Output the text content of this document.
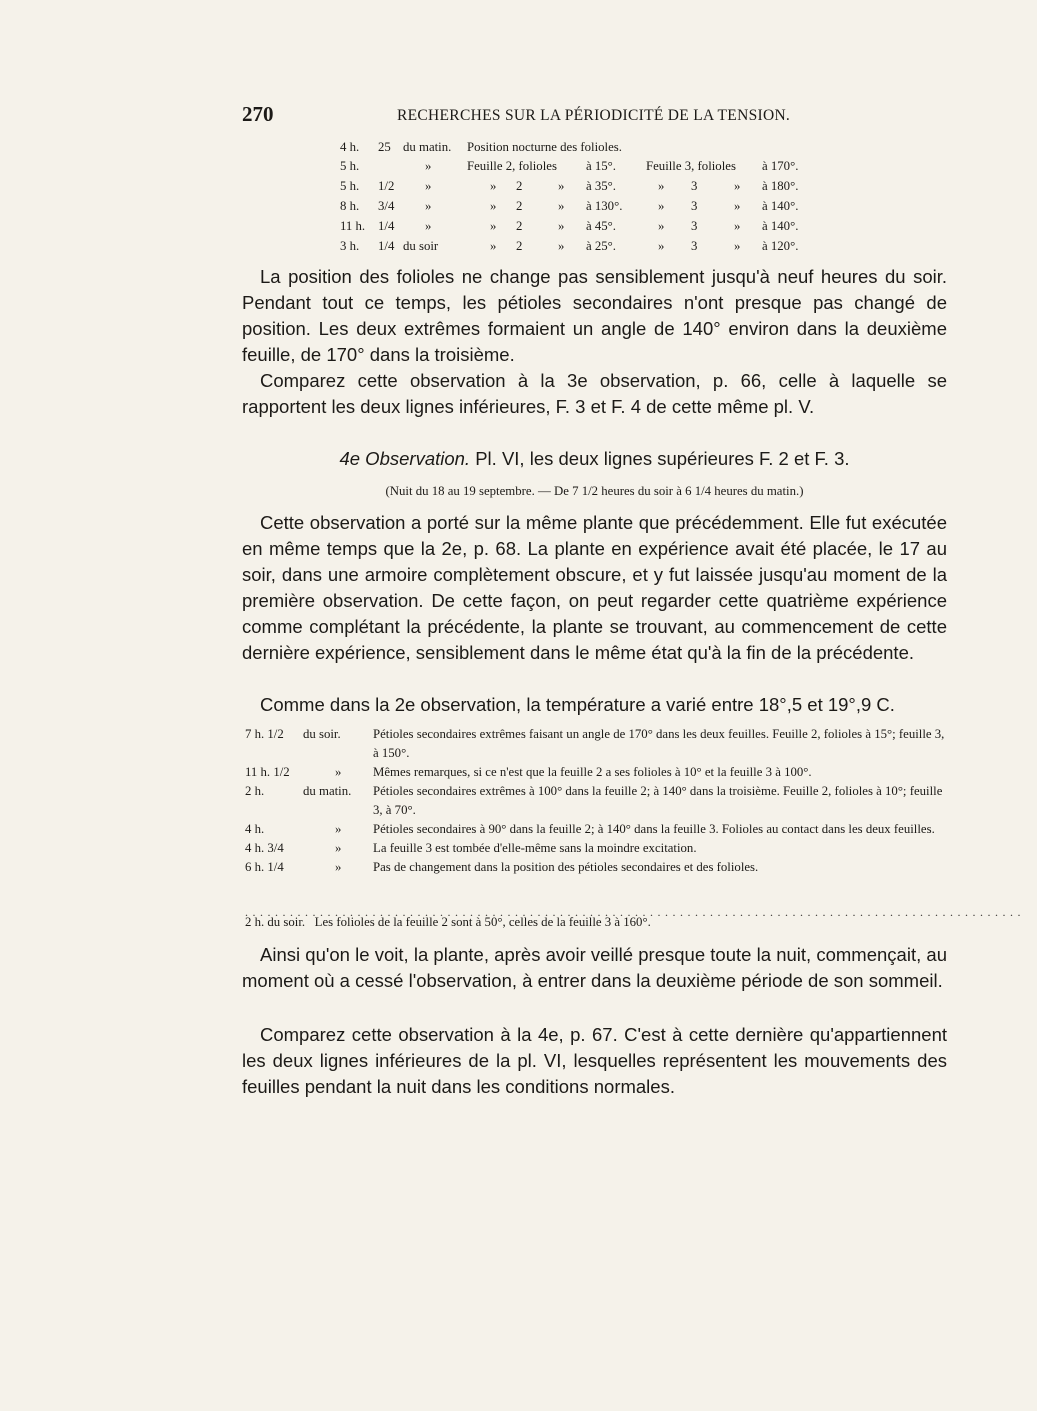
270	RECHERCHES SUR LA PÉRIODICITÉ DE LA TENSION.
4 h. 25 du matin. Position nocturne des folioles.
5 h.	»	Feuille 2, folioles à 15°. Feuille 3, folioles à 170°.
5 h. 1/2 »	» 2	» à 35°.	» 3	» à 180°.
8 h. 3/4 »	» 2	» à 130°.	» 3	» à 140°.
11 h. 1/4 »	» 2	» à 45°.	» 3	» à 140°.
3 h. 1/4 du soir	» 2	» à 25°.	» 3	» à 120°.

La position des folioles ne change pas sensiblement jusqu'à neuf heures du soir. Pendant tout ce temps, les pétioles secondaires n'ont presque pas changé de position. Les deux extrêmes formaient un angle de 140° environ dans la deuxième feuille, de 170° dans la troisième.

Comparez cette observation à la 3e observation, p. 66, celle à laquelle se rapportent les deux lignes inférieures, F. 3 et F. 4 de cette même pl. V.

4e Observation. Pl. VI, les deux lignes supérieures F. 2 et F. 3.
(Nuit du 18 au 19 septembre. — De 7 1/2 heures du soir à 6 1/4 heures du matin.)

Cette observation a porté sur la même plante que précédemment. Elle fut exécutée en même temps que la 2e, p. 68. La plante en expérience avait été placée, le 17 au soir, dans une armoire complètement obscure, et y fut laissée jusqu'au moment de la première observation. De cette façon, on peut regarder cette quatrième expérience comme complétant la précédente, la plante se trouvant, au commencement de cette dernière expérience, sensiblement dans le même état qu'à la fin de la précédente.

Comme dans la 2e observation, la température a varié entre 18°,5 et 19°,9 C.

7 h. 1/2	du soir.	Pétioles secondaires extrêmes faisant un angle de 170° dans les deux feuilles. Feuille 2, folioles à 15°; feuille 3, à 150°.
11 h. 1/2	»	Mêmes remarques, si ce n'est que la feuille 2 a ses folioles à 10° et la feuille 3 à 100°.
2 h.	du matin.	Pétioles secondaires extrêmes à 100° dans la feuille 2; à 140° dans la troisième. Feuille 2, folioles à 10°; feuille 3, à 70°.
4 h.	»	Pétioles secondaires à 90° dans la feuille 2; à 140° dans la feuille 3. Folioles au contact dans les deux feuilles.
4 h. 3/4	»	La feuille 3 est tombée d'elle-même sans la moindre excitation.
6 h. 1/4	»	Pas de changement dans la position des pétioles secondaires et des folioles.
........................................................................................................
2 h. du soir.   Les folioles de la feuille 2 sont à 50°, celles de la feuille 3 à 160°.

Ainsi qu'on le voit, la plante, après avoir veillé presque toute la nuit, commençait, au moment où a cessé l'observation, à entrer dans la deuxième période de son sommeil.

Comparez cette observation à la 4e, p. 67. C'est à cette dernière qu'appartiennent les deux lignes inférieures de la pl. VI, lesquelles représentent les mouvements des feuilles pendant la nuit dans les conditions normales.
